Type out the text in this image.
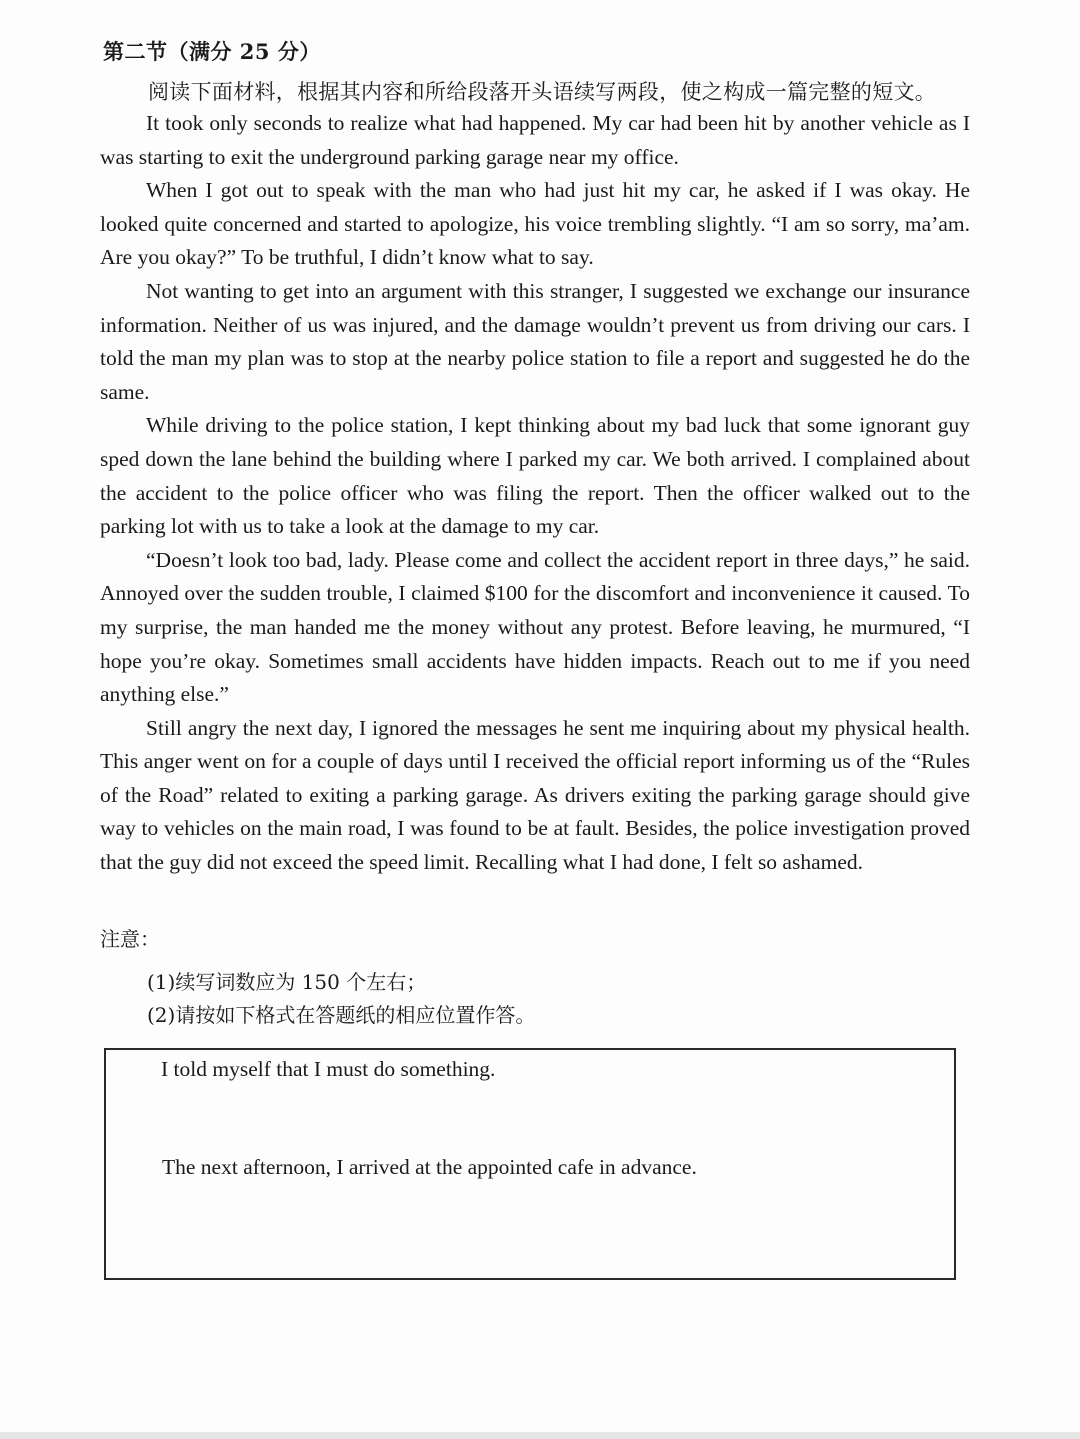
第二节（满分 25 分）
阅读下面材料，根据其内容和所给段落开头语续写两段，使之构成一篇完整的短文。

It took only seconds to realize what had happened. My car had been hit by another vehicle as I was starting to exit the underground parking garage near my office.

When I got out to speak with the man who had just hit my car, he asked if I was okay. He looked quite concerned and started to apologize, his voice trembling slightly. “I am so sorry, ma’am. Are you okay?” To be truthful, I didn’t know what to say.

Not wanting to get into an argument with this stranger, I suggested we exchange our insurance information. Neither of us was injured, and the damage wouldn’t prevent us from driving our cars. I told the man my plan was to stop at the nearby police station to file a report and suggested he do the same.

While driving to the police station, I kept thinking about my bad luck that some ignorant guy sped down the lane behind the building where I parked my car. We both arrived. I complained about the accident to the police officer who was filing the report. Then the officer walked out to the parking lot with us to take a look at the damage to my car.

“Doesn’t look too bad, lady. Please come and collect the accident report in three days,” he said. Annoyed over the sudden trouble, I claimed $100 for the discomfort and inconvenience it caused. To my surprise, the man handed me the money without any protest. Before leaving, he murmured, “I hope you’re okay. Sometimes small accidents have hidden impacts. Reach out to me if you need anything else.”

Still angry the next day, I ignored the messages he sent me inquiring about my physical health. This anger went on for a couple of days until I received the official report informing us of the “Rules of the Road” related to exiting a parking garage. As drivers exiting the parking garage should give way to vehicles on the main road, I was found to be at fault. Besides, the police investigation proved that the guy did not exceed the speed limit. Recalling what I had done, I felt so ashamed.

注意：
(1)续写词数应为 150 个左右；
(2)请按如下格式在答题纸的相应位置作答。
I told myself that I must do something.
The next afternoon, I arrived at the appointed cafe in advance.
